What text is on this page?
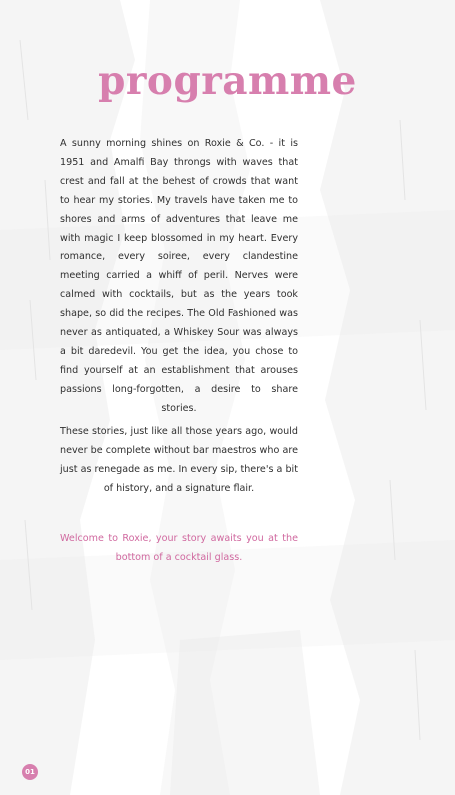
programme

A sunny morning shines on Roxie & Co. - it is 1951 and Amalfi Bay throngs with waves that crest and fall at the behest of crowds that want to hear my stories. My travels have taken me to shores and arms of adventures that leave me with magic I keep blossomed in my heart. Every romance, every soiree, every clandestine meeting carried a whiff of peril. Nerves were calmed with cocktails, but as the years took shape, so did the recipes. The Old Fashioned was never as antiquated, a Whiskey Sour was always a bit daredevil. You get the idea, you chose to find yourself at an establishment that arouses passions long-forgotten, a desire to share stories.

These stories, just like all those years ago, would never be complete without bar maestros who are just as renegade as me. In every sip, there's a bit of history, and a signature flair.

Welcome to Roxie, your story awaits you at the bottom of a cocktail glass.

01
